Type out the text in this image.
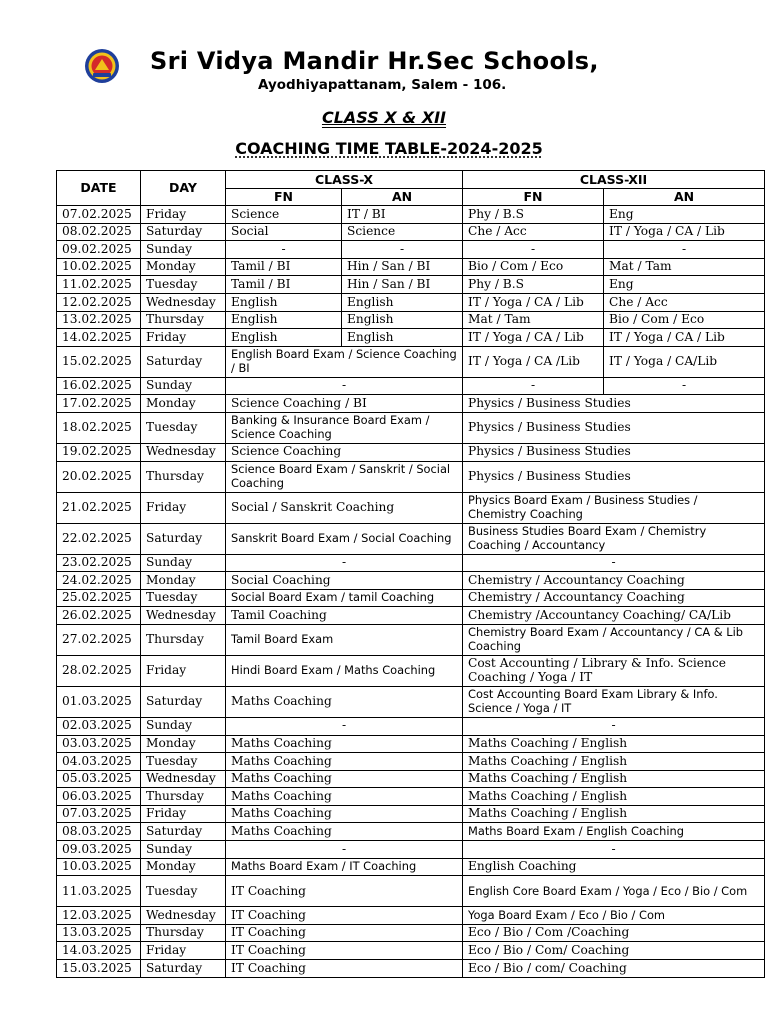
Sri Vidya Mandir Hr.Sec Schools,
Ayodhiyapattanam, Salem - 106.
CLASS X & XII
COACHING TIME TABLE-2024-2025
DATE	DAY	CLASS-X		CLASS-XII	
		FN	AN	FN	AN
07.02.2025	Friday	Science	IT / BI	Phy / B.S	Eng
08.02.2025	Saturday	Social	Science	Che / Acc	IT / Yoga / CA / Lib
09.02.2025	Sunday	-	-	-	-
10.02.2025	Monday	Tamil / BI	Hin / San / BI	Bio / Com / Eco	Mat / Tam
11.02.2025	Tuesday	Tamil / BI	Hin / San / BI	Phy / B.S	Eng
12.02.2025	Wednesday	English	English	IT / Yoga / CA / Lib	Che / Acc
13.02.2025	Thursday	English	English	Mat / Tam	Bio / Com / Eco
14.02.2025	Friday	English	English	IT / Yoga / CA / Lib	IT / Yoga / CA / Lib
15.02.2025	Saturday	English Board Exam / Science Coaching / BI		IT / Yoga / CA /Lib	IT / Yoga / CA/Lib
16.02.2025	Sunday	-		-	-
17.02.2025	Monday	Science Coaching / BI		Physics / Business Studies	
18.02.2025	Tuesday	Banking & Insurance Board Exam / Science Coaching		Physics / Business Studies	
19.02.2025	Wednesday	Science Coaching		Physics / Business Studies	
20.02.2025	Thursday	Science Board Exam / Sanskrit / Social Coaching		Physics / Business Studies	
21.02.2025	Friday	Social / Sanskrit Coaching		Physics Board Exam / Business Studies / Chemistry Coaching	
22.02.2025	Saturday	Sanskrit Board Exam / Social Coaching		Business Studies Board Exam / Chemistry Coaching / Accountancy	
23.02.2025	Sunday	-		-	
24.02.2025	Monday	Social Coaching		Chemistry / Accountancy Coaching	
25.02.2025	Tuesday	Social Board Exam / tamil Coaching		Chemistry / Accountancy Coaching	
26.02.2025	Wednesday	Tamil Coaching		Chemistry /Accountancy Coaching/ CA/Lib	
27.02.2025	Thursday	Tamil Board Exam		Chemistry Board Exam / Accountancy / CA & Lib Coaching	
28.02.2025	Friday	Hindi Board Exam / Maths Coaching		Cost Accounting / Library & Info. Science Coaching / Yoga / IT	
01.03.2025	Saturday	Maths Coaching		Cost Accounting Board Exam Library & Info. Science / Yoga / IT	
02.03.2025	Sunday	-		-	
03.03.2025	Monday	Maths Coaching		Maths Coaching / English	
04.03.2025	Tuesday	Maths Coaching		Maths Coaching / English	
05.03.2025	Wednesday	Maths Coaching		Maths Coaching / English	
06.03.2025	Thursday	Maths Coaching		Maths Coaching / English	
07.03.2025	Friday	Maths Coaching		Maths Coaching / English	
08.03.2025	Saturday	Maths Coaching		Maths Board Exam / English Coaching	
09.03.2025	Sunday	-		-	
10.03.2025	Monday	Maths Board Exam / IT Coaching		English Coaching	
11.03.2025	Tuesday	IT Coaching		English Core Board Exam / Yoga / Eco / Bio / Com	
12.03.2025	Wednesday	IT Coaching		Yoga Board Exam / Eco / Bio / Com	
13.03.2025	Thursday	IT Coaching		Eco / Bio / Com /Coaching	
14.03.2025	Friday	IT Coaching		Eco / Bio / Com/ Coaching	
15.03.2025	Saturday	IT Coaching		Eco / Bio / com/ Coaching	
